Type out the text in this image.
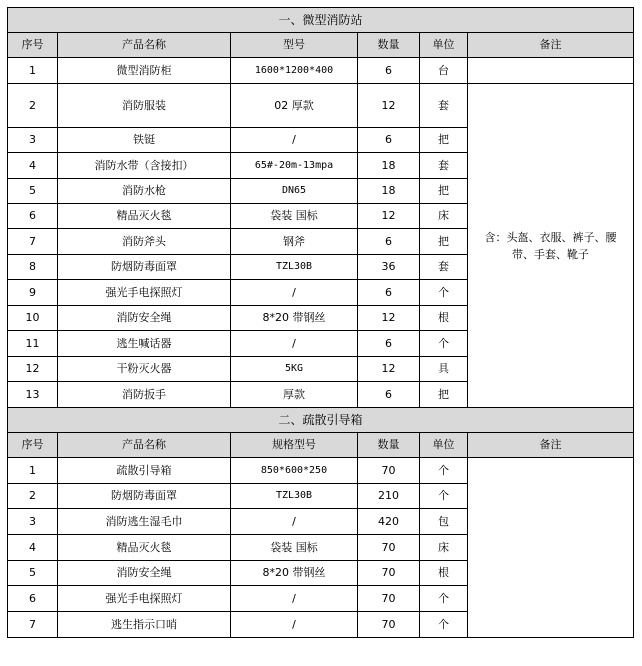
一、微型消防站					
序号	产品名称	型号	数量	单位	备注
1	微型消防柜	1600*1200*400	6	台	
2	消防服装	02 厚款	12	套	含：头盔、衣服、裤子、腰带、手套、靴子
3	铁铤	/	6	把	
4	消防水带（含接扣）	65#-20m-13mpa	18	套	
5	消防水枪	DN65	18	把	
6	精品灭火毯	袋装 国标	12	床	
7	消防斧头	钢斧	6	把	
8	防烟防毒面罩	TZL30B	36	套	
9	强光手电探照灯	/	6	个	
10	消防安全绳	8*20 带钢丝	12	根	
11	逃生喊话器	/	6	个	
12	干粉灭火器	5KG	12	具	
13	消防扳手	厚款	6	把	
二、疏散引导箱					
序号	产品名称	规格型号	数量	单位	备注
1	疏散引导箱	850*600*250	70	个	
2	防烟防毒面罩	TZL30B	210	个	
3	消防逃生湿毛巾	/	420	包	
4	精品灭火毯	袋装 国标	70	床	
5	消防安全绳	8*20 带钢丝	70	根	
6	强光手电探照灯	/	70	个	
7	逃生指示口哨	/	70	个	
